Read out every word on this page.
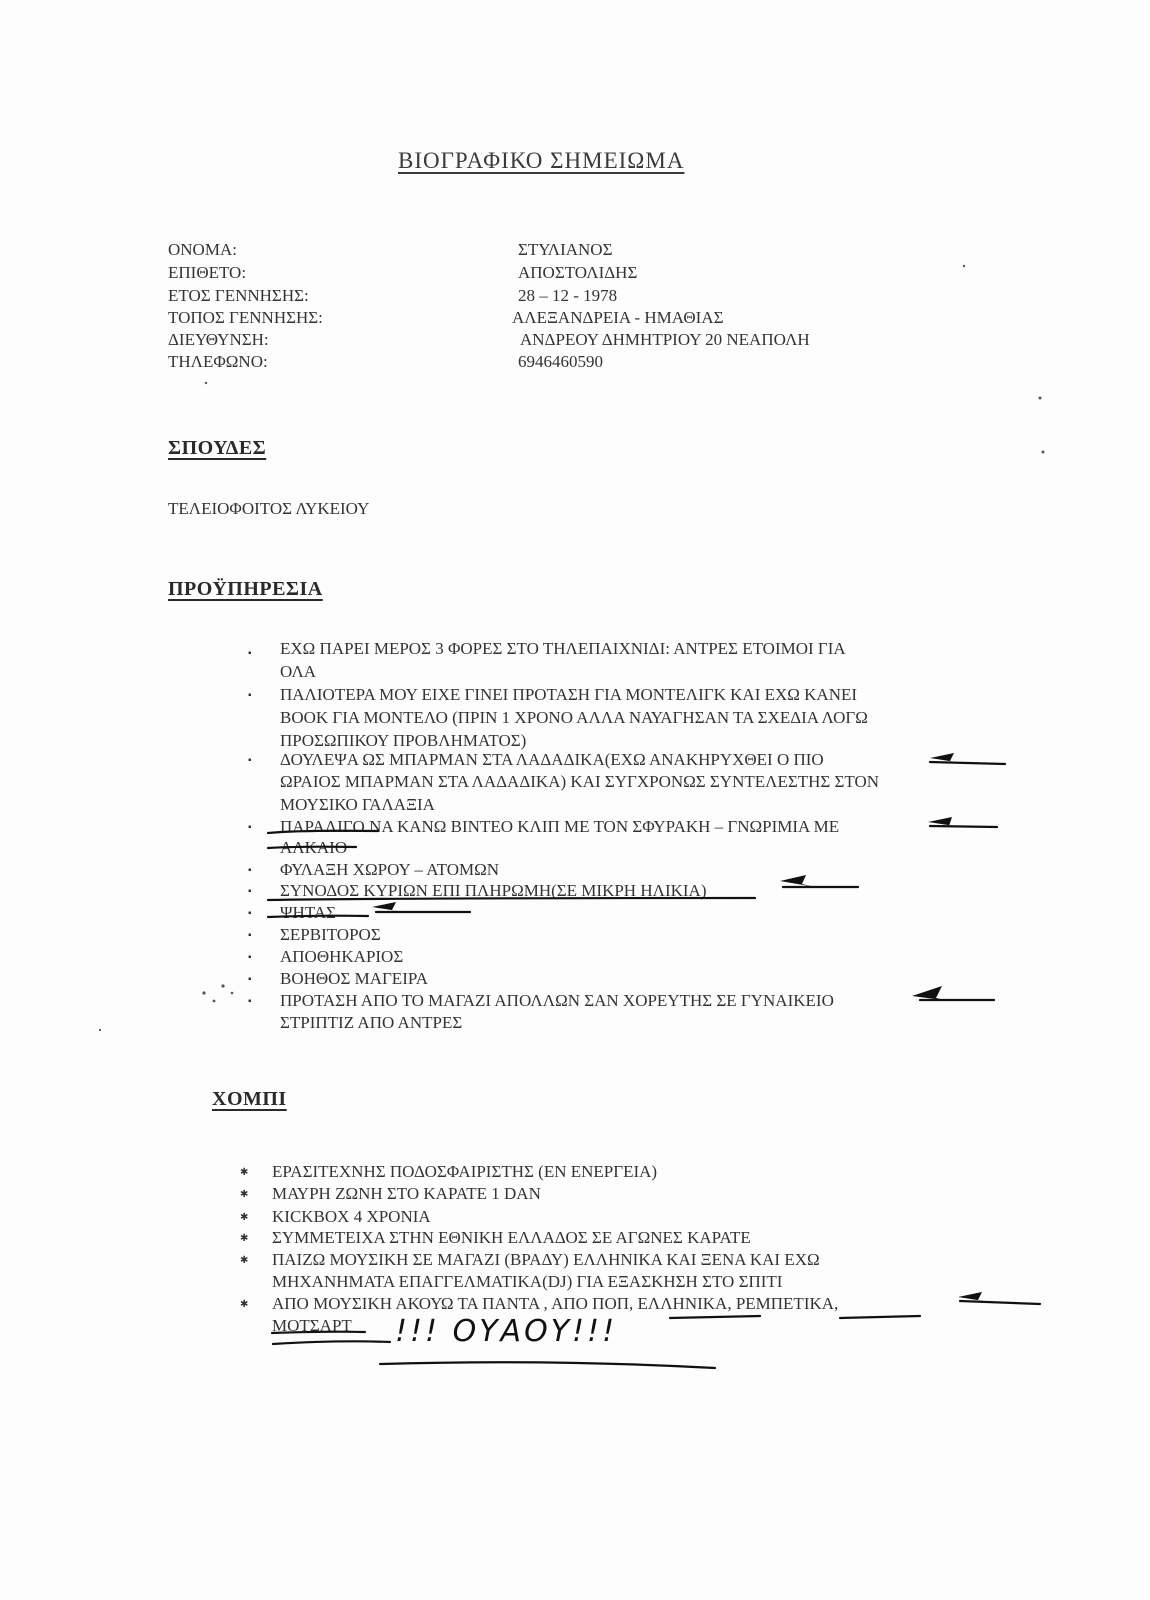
ΒΙΟΓΡΑΦΙΚΟ ΣΗΜΕΙΩΜΑ
ΟΝΟΜΑ:	ΣΤΥΛΙΑΝΟΣ
ΕΠΙΘΕΤΟ:	ΑΠΟΣΤΟΛΙΔΗΣ
ΕΤΟΣ ΓΕΝΝΗΣΗΣ:	28 – 12 - 1978
ΤΟΠΟΣ ΓΕΝΝΗΣΗΣ:	ΑΛΕΞΑΝΔΡΕΙΑ - ΗΜΑΘΙΑΣ
ΔΙΕΥΘΥΝΣΗ:	ΑΝΔΡΕΟΥ ΔΗΜΗΤΡΙΟΥ 20 ΝΕΑΠΟΛΗ
ΤΗΛΕΦΩΝΟ:	6946460590
ΣΠΟΥΔΕΣ
ΤΕΛΕΙΟΦΟΙΤΟΣ ΛΥΚΕΙΟΥ
ΠΡΟΫΠΗΡΕΣΙΑ
ΕΧΩ ΠΑΡΕΙ ΜΕΡΟΣ 3 ΦΟΡΕΣ ΣΤΟ ΤΗΛΕΠΑΙΧΝΙΔΙ: ΑΝΤΡΕΣ ΕΤΟΙΜΟΙ ΓΙΑ
ΟΛΑ
ΠΑΛΙΟΤΕΡΑ ΜΟΥ ΕΙΧΕ ΓΙΝΕΙ ΠΡΟΤΑΣΗ ΓΙΑ ΜΟΝΤΕΛΙΓΚ ΚΑΙ ΕΧΩ ΚΑΝΕΙ
BOOK ΓΙΑ ΜΟΝΤΕΛΟ (ΠΡΙΝ 1 ΧΡΟΝΟ ΑΛΛΑ ΝΑΥΑΓΗΣΑΝ ΤΑ ΣΧΕΔΙΑ ΛΟΓΩ
ΠΡΟΣΩΠΙΚΟΥ ΠΡΟΒΛΗΜΑΤΟΣ)
ΔΟΥΛΕΨΑ ΩΣ ΜΠΑΡΜΑΝ ΣΤΑ ΛΑΔΑΔΙΚΑ(ΕΧΩ ΑΝΑΚΗΡΥΧΘΕΙ Ο ΠΙΟ
ΩΡΑΙΟΣ ΜΠΑΡΜΑΝ ΣΤΑ ΛΑΔΑΔΙΚΑ) ΚΑΙ ΣΥΓΧΡΟΝΩΣ ΣΥΝΤΕΛΕΣΤΗΣ ΣΤΟΝ
ΜΟΥΣΙΚΟ ΓΑΛΑΞΙΑ
ΠΑΡΑΛΙΓΟ ΝΑ ΚΑΝΩ ΒΙΝΤΕΟ ΚΛΙΠ ΜΕ ΤΟΝ ΣΦΥΡΑΚΗ – ΓΝΩΡΙΜΙΑ ΜΕ
ΑΛΚΑΙΟ
ΦΥΛΑΞΗ ΧΩΡΟΥ – ΑΤΟΜΩΝ
ΣΥΝΟΔΟΣ ΚΥΡΙΩΝ ΕΠΙ ΠΛΗΡΩΜΗ(ΣΕ ΜΙΚΡΗ ΗΛΙΚΙΑ)
ΨΗΤΑΣ
ΣΕΡΒΙΤΟΡΟΣ
ΑΠΟΘΗΚΑΡΙΟΣ
ΒΟΗΘΟΣ ΜΑΓΕΙΡΑ
ΠΡΟΤΑΣΗ ΑΠΟ ΤΟ ΜΑΓΑΖΙ ΑΠΟΛΛΩΝ ΣΑΝ ΧΟΡΕΥΤΗΣ ΣΕ ΓΥΝΑΙΚΕΙΟ
ΣΤΡΙΠΤΙΖ ΑΠΟ ΑΝΤΡΕΣ
▪
▪
▪
▪
▪
▪
▪
▪
▪
▪
▪
ΧΟΜΠΙ
ΕΡΑΣΙΤΕΧΝΗΣ ΠΟΔΟΣΦΑΙΡΙΣΤΗΣ (ΕΝ ΕΝΕΡΓΕΙΑ)
ΜΑΥΡΗ ΖΩΝΗ ΣΤΟ ΚΑΡΑΤΕ 1 DAN
KICKBOX 4 ΧΡΟΝΙΑ
ΣΥΜΜΕΤΕΙΧΑ ΣΤΗΝ ΕΘΝΙΚΗ ΕΛΛΑΔΟΣ ΣΕ ΑΓΩΝΕΣ ΚΑΡΑΤΕ
ΠΑΙΖΩ ΜΟΥΣΙΚΗ ΣΕ ΜΑΓΑΖΙ (ΒΡΑΔΥ) ΕΛΛΗΝΙΚΑ ΚΑΙ ΞΕΝΑ ΚΑΙ ΕΧΩ
ΜΗΧΑΝΗΜΑΤΑ ΕΠΑΓΓΕΛΜΑΤΙΚΑ(DJ) ΓΙΑ ΕΞΑΣΚΗΣΗ ΣΤΟ ΣΠΙΤΙ
ΑΠΟ ΜΟΥΣΙΚΗ ΑΚΟΥΩ ΤΑ ΠΑΝΤΑ , ΑΠΟ ΠΟΠ, ΕΛΛΗΝΙΚΑ, ΡΕΜΠΕΤΙΚΑ,
ΜΟΤΣΑΡΤ
✱
✱
✱
✱
✱
✱
!!! ΟΥΑΟΥ!!!
